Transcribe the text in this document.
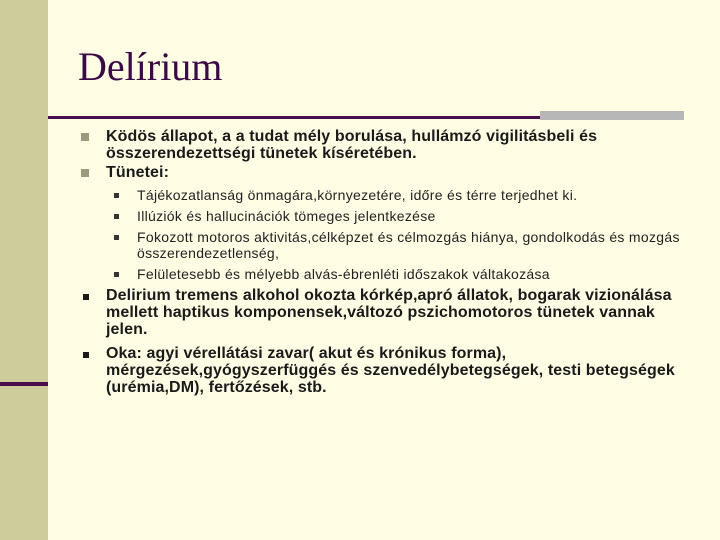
Delírium
Ködös állapot, a a tudat mély borulása, hullámzó vigilitásbeli és összerendezettségi tünetek kíséretében.
Tünetei:
Tájékozatlanság önmagára,környezetére, időre és térre terjedhet ki.
Illúziók és hallucinációk tömeges jelentkezése
Fokozott motoros aktivitás,célképzet és célmozgás hiánya, gondolkodás és mozgás összerendezetlenség,
Felületesebb és mélyebb alvás-ébrenléti időszakok váltakozása
Delirium tremens alkohol okozta kórkép,apró állatok, bogarak vizionálása mellett haptikus komponensek,változó pszichomotoros tünetek vannak jelen.
Oka: agyi vérellátási zavar( akut és krónikus forma), mérgezések,gyógyszerfüggés és szenvedélybetegségek, testi betegségek (urémia,DM), fertőzések, stb.
